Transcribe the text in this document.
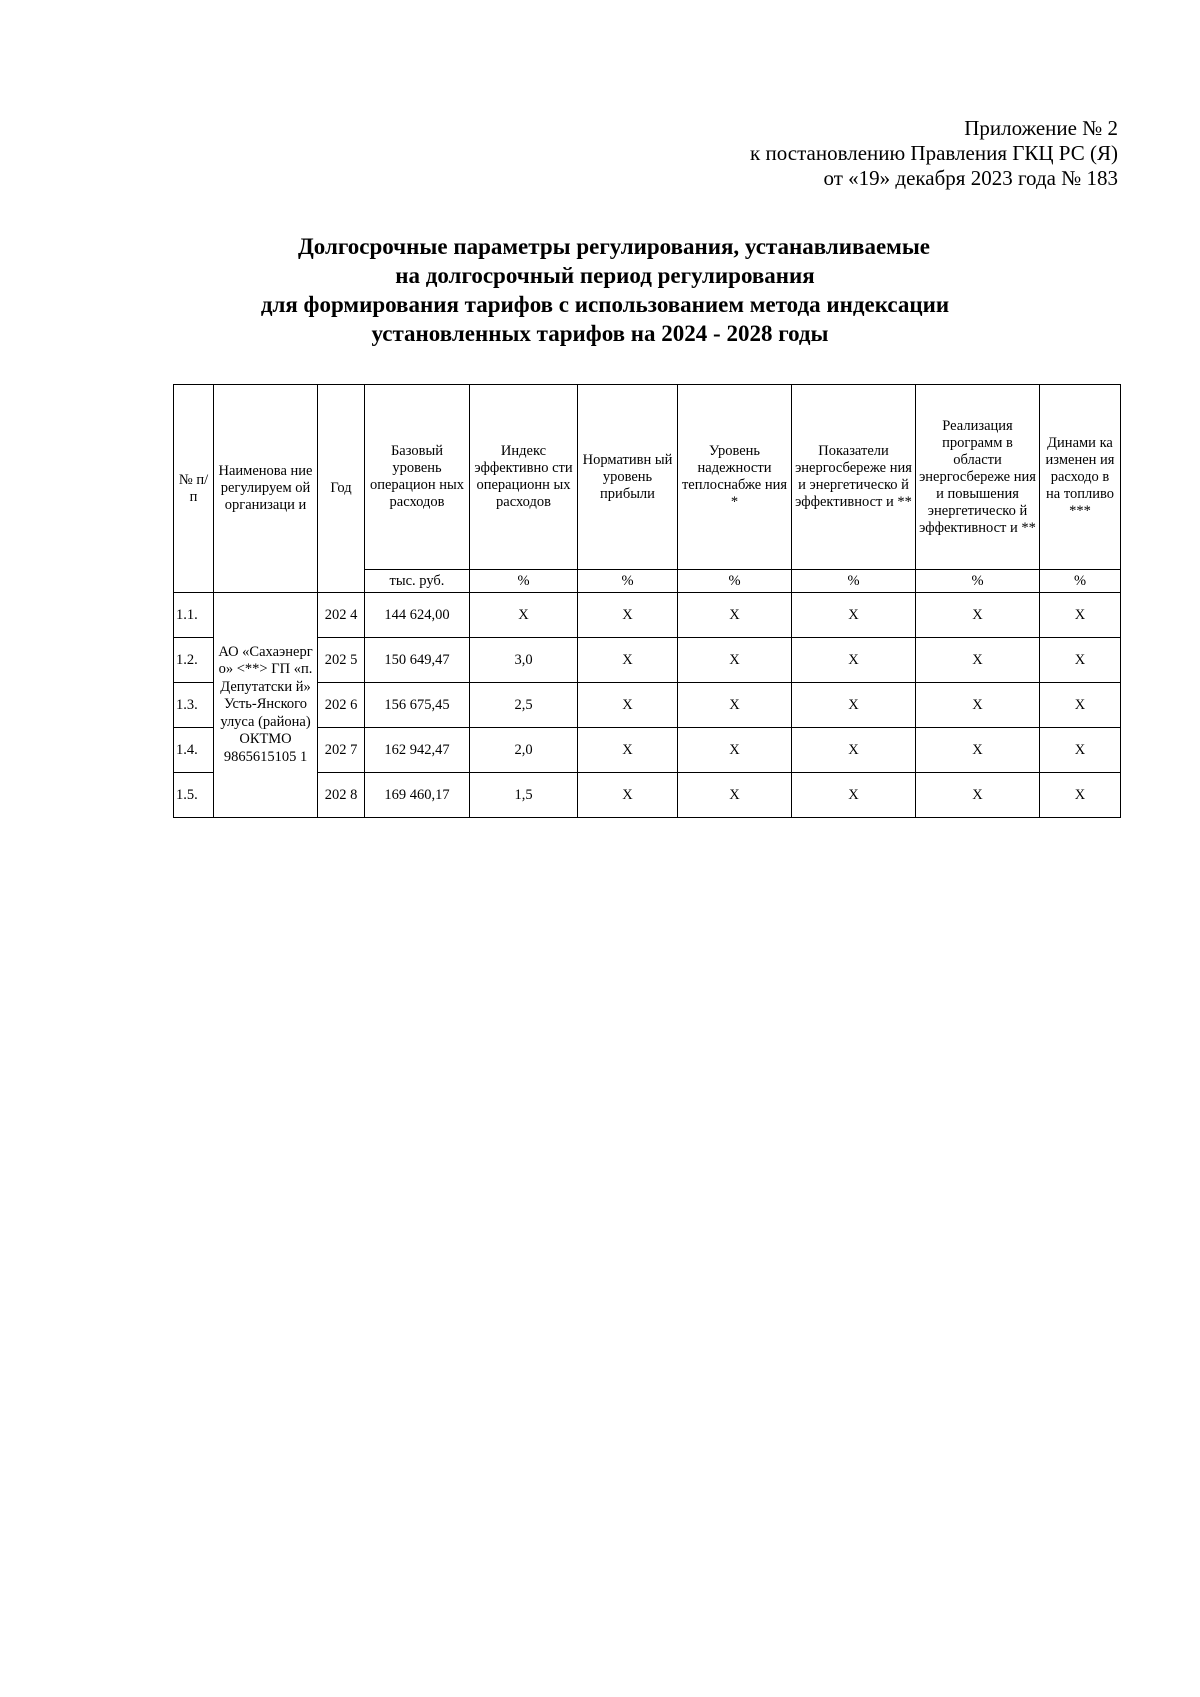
Приложение № 2
к постановлению Правления ГКЦ РС (Я)
от «19» декабря 2023 года № 183
Долгосрочные параметры регулирования, устанавливаемые
на долгосрочный период регулирования
для формирования тарифов с использованием метода индексации
установленных тарифов на 2024 - 2028 годы
№ п/ п	Наименова ние регулируем ой организаци и	Год	Базовый уровень операцион ных расходов	Индекс эффективно сти операционн ых расходов	Нормативн ый уровень прибыли	Уровень надежности теплоснабже ния *	Показатели энергосбереже ния и энергетическо й эффективност и **	Реализация программ в области энергосбереже ния и повышения энергетическо й эффективност и **	Динами ка изменен ия расходо в на топливо ***
			тыс. руб.	%	%	%	%	%	%
1.1.	АО «Сахаэнерг о» <**> ГП «п. Депутатски й» Усть-Янского улуса (района) ОКТМО 9865615105 1	202 4	144 624,00	X	X	X	X	X	X
1.2.		202 5	150 649,47	3,0	X	X	X	X	X
1.3.		202 6	156 675,45	2,5	X	X	X	X	X
1.4.		202 7	162 942,47	2,0	X	X	X	X	X
1.5.		202 8	169 460,17	1,5	X	X	X	X	X
